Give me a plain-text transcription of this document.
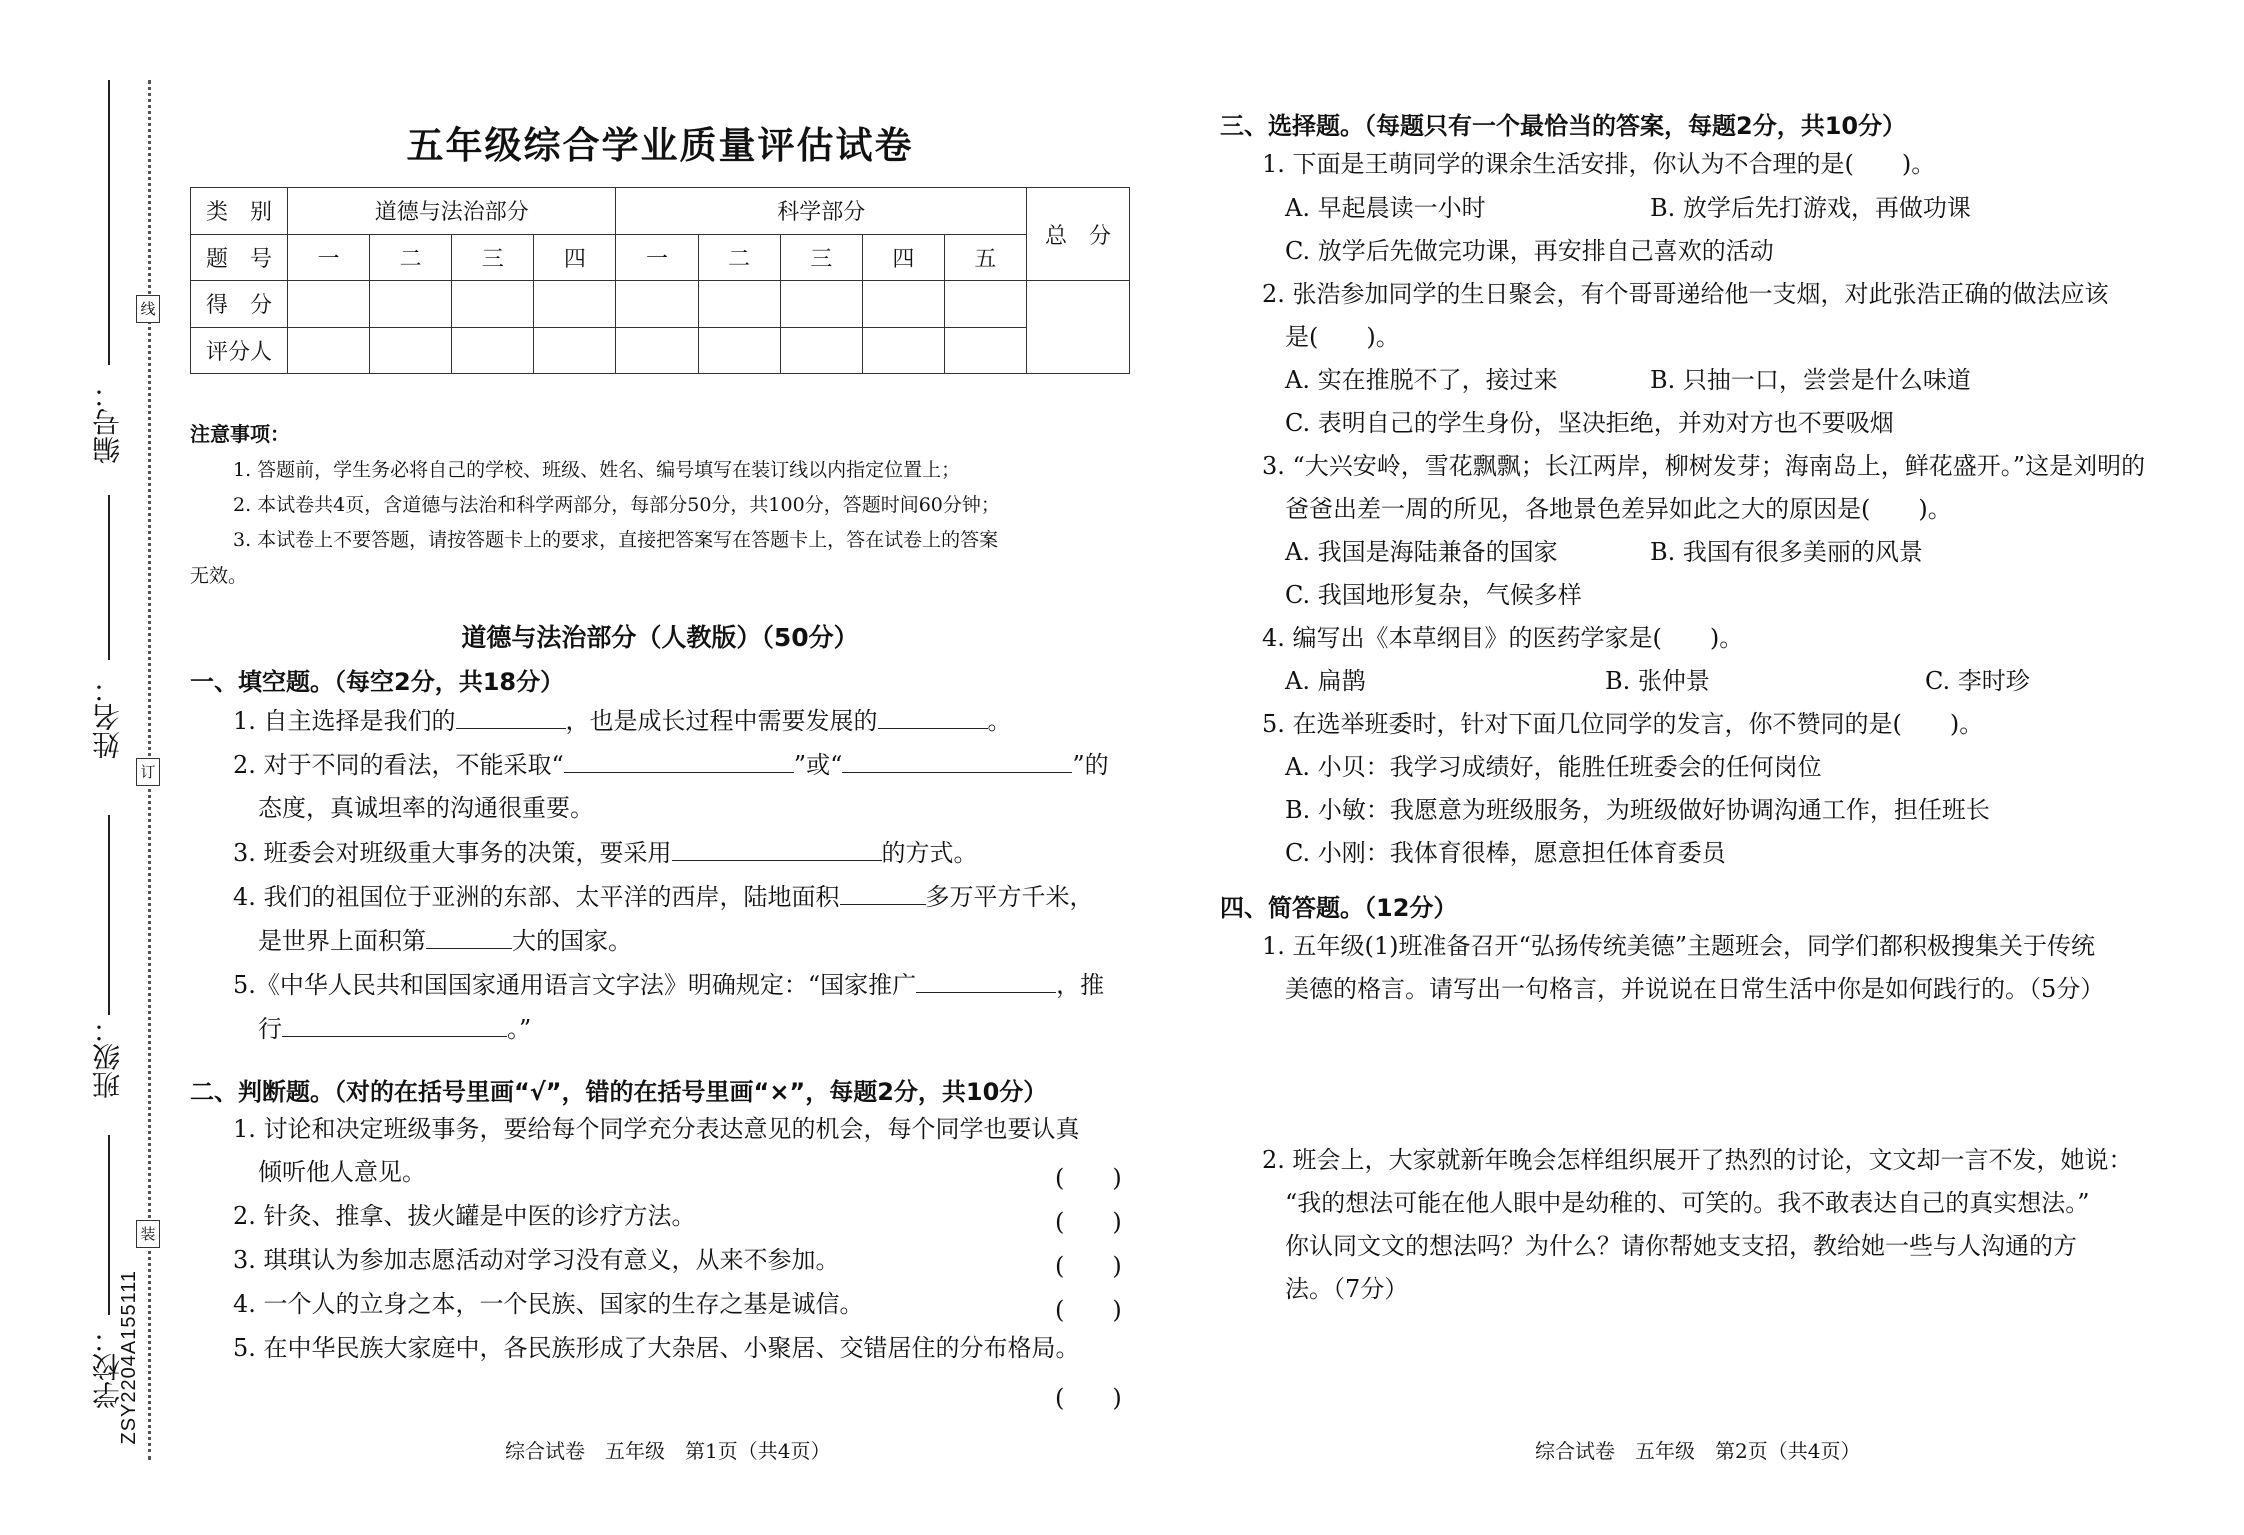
编号：
姓名：
班级：
学校：
线
订
装
ZSY2204A155111
五年级综合学业质量评估试卷
类　别	道德与法治部分				科学部分					总　分
题　号	一	二	三	四	一	二	三	四	五	
得　分										
评分人										
注意事项：
1. 答题前，学生务必将自己的学校、班级、姓名、编号填写在装订线以内指定位置上；
2. 本试卷共4页，含道德与法治和科学两部分，每部分50分，共100分，答题时间60分钟；
3. 本试卷上不要答题，请按答题卡上的要求，直接把答案写在答题卡上，答在试卷上的答案
无效。
道德与法治部分（人教版）（50分）
一、填空题。（每空2分，共18分）
1. 自主选择是我们的	，也是成长过程中需要发展的	。
2. 对于不同的看法，不能采取“	”或“	”的
态度，真诚坦率的沟通很重要。
3. 班委会对班级重大事务的决策，要采用	的方式。
4. 我们的祖国位于亚洲的东部、太平洋的西岸，陆地面积	多万平方千米，
是世界上面积第	大的国家。
5.《中华人民共和国国家通用语言文字法》明确规定：“国家推广	，推
行	。”
二、判断题。（对的在括号里画“√”，错的在括号里画“×”，每题2分，共10分）
1. 讨论和决定班级事务，要给每个同学充分表达意见的机会，每个同学也要认真
倾听他人意见。	(　　)
2. 针灸、推拿、拔火罐是中医的诊疗方法。	(　　)
3. 琪琪认为参加志愿活动对学习没有意义，从来不参加。	(　　)
4. 一个人的立身之本，一个民族、国家的生存之基是诚信。	(　　)
5. 在中华民族大家庭中，各民族形成了大杂居、小聚居、交错居住的分布格局。
(　　)
综合试卷　五年级　第1页（共4页）
三、选择题。（每题只有一个最恰当的答案，每题2分，共10分）
1. 下面是王萌同学的课余生活安排，你认为不合理的是(　　)。
A. 早起晨读一小时	B. 放学后先打游戏，再做功课
C. 放学后先做完功课，再安排自己喜欢的活动
2. 张浩参加同学的生日聚会，有个哥哥递给他一支烟，对此张浩正确的做法应该
是(　　)。
A. 实在推脱不了，接过来	B. 只抽一口，尝尝是什么味道
C. 表明自己的学生身份，坚决拒绝，并劝对方也不要吸烟
3. “大兴安岭，雪花飘飘；长江两岸，柳树发芽；海南岛上，鲜花盛开。”这是刘明的
爸爸出差一周的所见，各地景色差异如此之大的原因是(　　)。
A. 我国是海陆兼备的国家	B. 我国有很多美丽的风景
C. 我国地形复杂，气候多样
4. 编写出《本草纲目》的医药学家是(　　)。
A. 扁鹊	B. 张仲景	C. 李时珍
5. 在选举班委时，针对下面几位同学的发言，你不赞同的是(　　)。
A. 小贝：我学习成绩好，能胜任班委会的任何岗位
B. 小敏：我愿意为班级服务，为班级做好协调沟通工作，担任班长
C. 小刚：我体育很棒，愿意担任体育委员
四、简答题。（12分）
1. 五年级(1)班准备召开“弘扬传统美德”主题班会，同学们都积极搜集关于传统
美德的格言。请写出一句格言，并说说在日常生活中你是如何践行的。（5分）
2. 班会上，大家就新年晚会怎样组织展开了热烈的讨论，文文却一言不发，她说：
“我的想法可能在他人眼中是幼稚的、可笑的。我不敢表达自己的真实想法。”
你认同文文的想法吗？为什么？请你帮她支支招，教给她一些与人沟通的方
法。（7分）
综合试卷　五年级　第2页（共4页）
